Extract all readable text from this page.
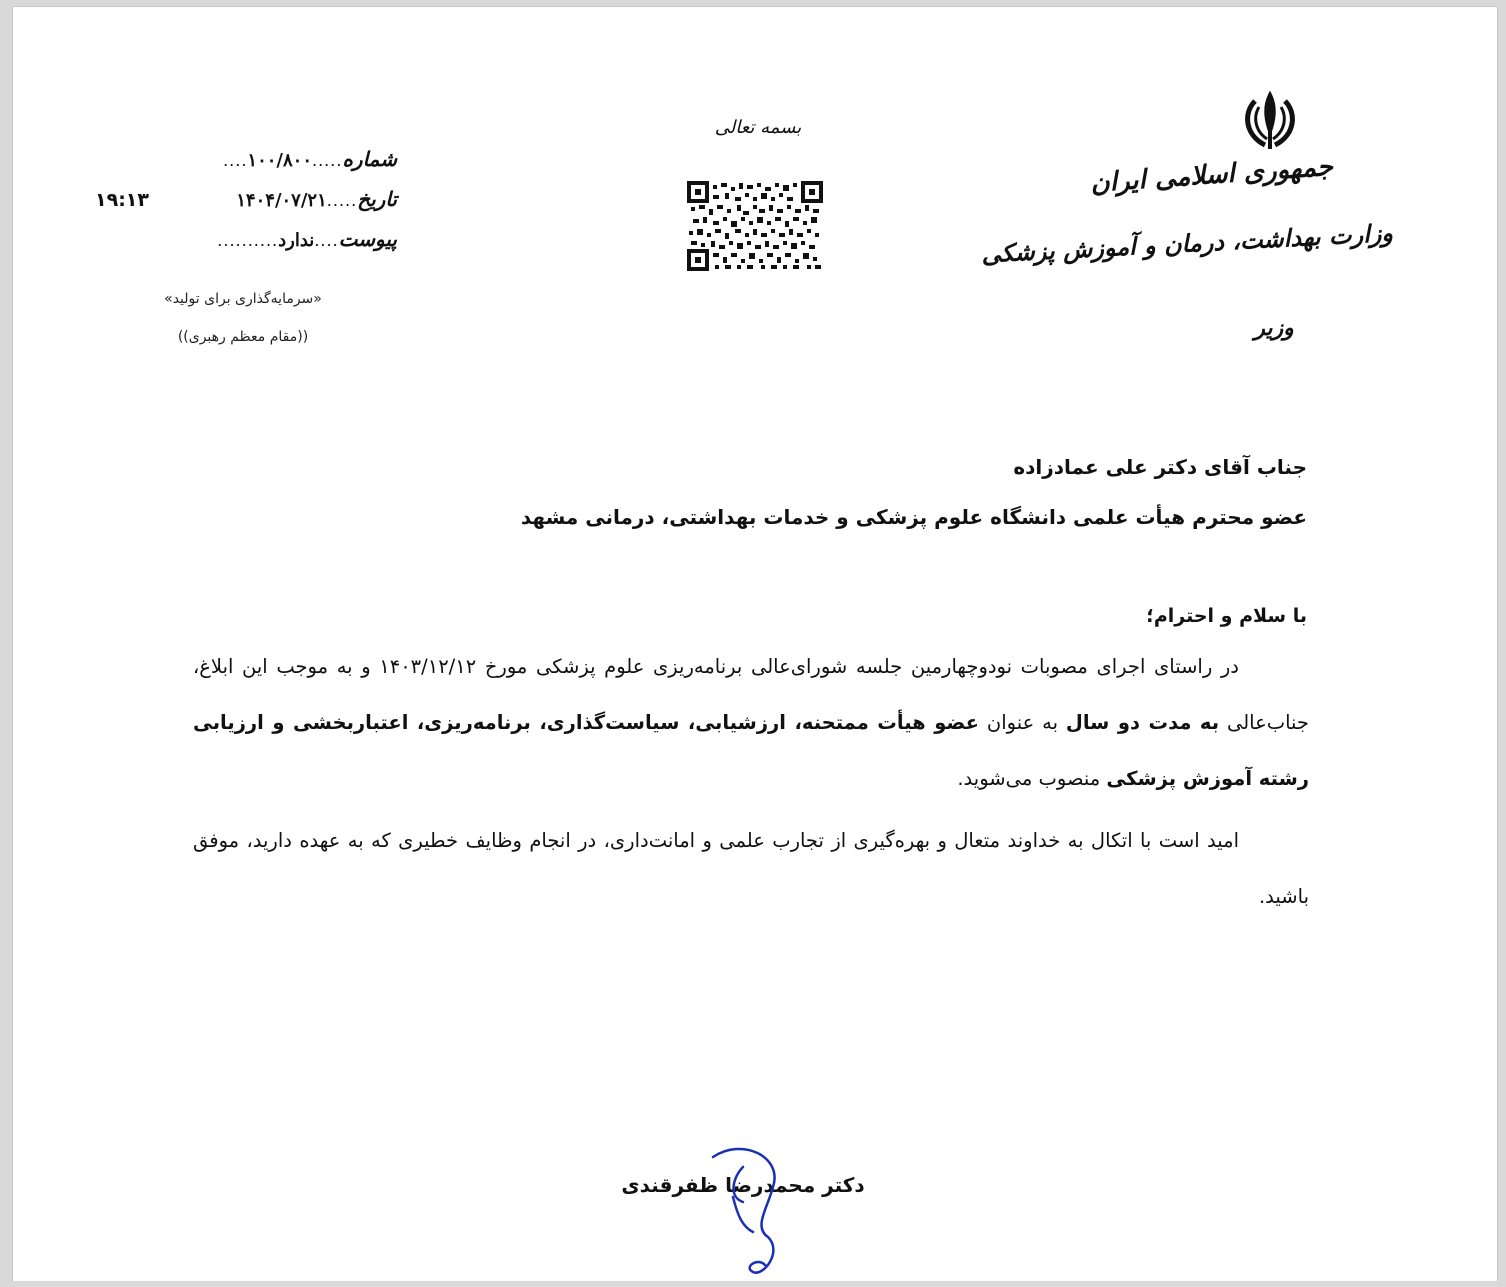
جمهوری اسلامی ایران
وزارت بهداشت، درمان و آموزش پزشکی
وزیر
بسمه تعالی
شماره.....۱۰۰/۸۰۰....
تاریخ.....۱۴۰۴/۰۷/۲۱
۱۹:۱۳
پیوست....ندارد..........
«سرمایه‌گذاری برای تولید»
((مقام معظم رهبری))
جناب آقای دکتر علی عمادزاده
عضو محترم هیأت علمی دانشگاه علوم پزشکی و خدمات بهداشتی، درمانی مشهد
با سلام و احترام؛
در راستای اجرای مصوبات نودوچهارمین جلسه شورای‌عالی برنامه‌ریزی علوم پزشکی مورخ ۱۴۰۳/۱۲/۱۲ و به موجب این ابلاغ، جناب‌عالی به مدت دو سال به عنوان عضو هیأت ممتحنه، ارزشیابی، سیاست‌گذاری، برنامه‌ریزی، اعتباربخشی و ارزیابی رشته آموزش پزشکی منصوب می‌شوید.
امید است با اتکال به خداوند متعال و بهره‌گیری از تجارب علمی و امانت‌داری، در انجام وظایف خطیری که به عهده دارید، موفق باشید.
دکتر محمدرضا ظفرقندی
